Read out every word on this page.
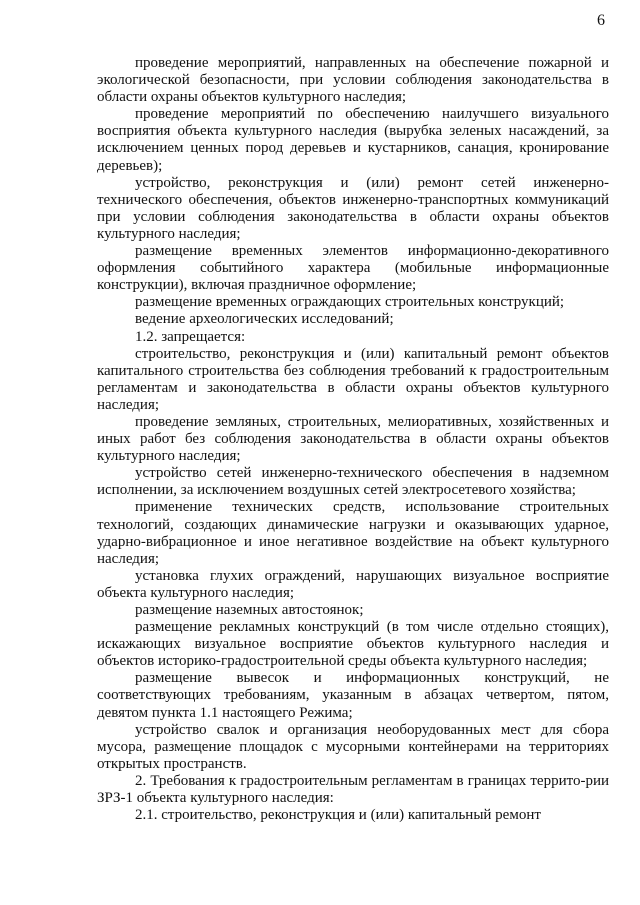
6

проведение мероприятий, направленных на обеспечение пожарной и экологической безопасности, при условии соблюдения законодательства в области охраны объектов культурного наследия;

проведение мероприятий по обеспечению наилучшего визуального восприятия объекта культурного наследия (вырубка зеленых насаждений, за исключением ценных пород деревьев и кустарников, санация, кронирование деревьев);

устройство, реконструкция и (или) ремонт сетей инженерно-технического обеспечения, объектов инженерно-транспортных коммуникаций при условии соблюдения законодательства в области охраны объектов культурного наследия;

размещение временных элементов информационно-декоративного оформления событийного характера (мобильные информационные конструкции), включая праздничное оформление;

размещение временных ограждающих строительных конструкций;

ведение археологических исследований;

1.2. запрещается:

строительство, реконструкция и (или) капитальный ремонт объектов капитального строительства без соблюдения требований к градостроительным регламентам и законодательства в области охраны объектов культурного наследия;

проведение земляных, строительных, мелиоративных, хозяйственных и иных работ без соблюдения законодательства в области охраны объектов культурного наследия;

устройство сетей инженерно-технического обеспечения в надземном исполнении, за исключением воздушных сетей электросетевого хозяйства;

применение технических средств, использование строительных технологий, создающих динамические нагрузки и оказывающих ударное, ударно-вибрационное и иное негативное воздействие на объект культурного наследия;

установка глухих ограждений, нарушающих визуальное восприятие объекта культурного наследия;

размещение наземных автостоянок;

размещение рекламных конструкций (в том числе отдельно стоящих), искажающих визуальное восприятие объектов культурного наследия и объектов историко-градостроительной среды объекта культурного наследия;

размещение вывесок и информационных конструкций, не соответствующих требованиям, указанным в абзацах четвертом, пятом, девятом пункта 1.1 настоящего Режима;

устройство свалок и организация необорудованных мест для сбора мусора, размещение площадок с мусорными контейнерами на территориях открытых пространств.

2. Требования к градостроительным регламентам в границах террито-рии ЗРЗ-1 объекта культурного наследия:

2.1. строительство, реконструкция и (или) капитальный ремонт
